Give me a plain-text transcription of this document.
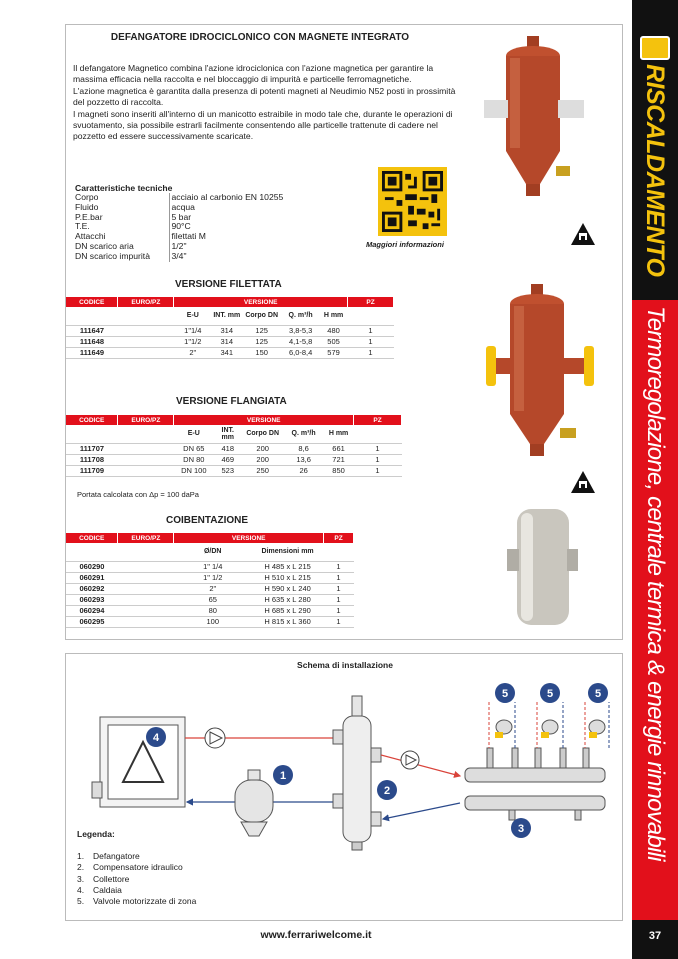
RISCALDAMENTO
Termoregolazione, centrale termica & energie rinnovabili
37
DEFANGATORE IDROCICLONICO CON MAGNETE INTEGRATO

Il defangatore Magnetico combina l'azione idrociclonica con l'azione magnetica per garantire la massima efficacia nella raccolta e nel bloccaggio di impurità e particelle ferromagnetiche.

L'azione magnetica è garantita dalla presenza di potenti magneti al Neudimio N52 posti in prossimità del pozzetto di raccolta.

I magneti sono inseriti all'interno di un manicotto estraibile in modo tale che, durante le operazioni di svuotamento, sia possibile estrarli facilmente consentendo alle particelle trattenute di cadere nel pozzetto ed essere successivamente scaricate.

Caratteristiche tecniche
Corpo	acciaio al carbonio EN 10255
Fluido	acqua
P.E.bar	5 bar
T.E.	90°C
Attacchi	filettati M
DN scarico aria	1/2"
DN scarico impurità	3/4"
Maggiori informazioni
VERSIONE FILETTATA
CODICE	EURO/PZ	VERSIONE					PZ
		E-U	INT. mm	Corpo DN	Q. m³/h	H mm	
111647		1"1/4	314	125	3,8-5,3	480	1
111648		1"1/2	314	125	4,1-5,8	505	1
111649		2"	341	150	6,0-8,4	579	1
VERSIONE FLANGIATA
CODICE	EURO/PZ	VERSIONE					PZ
		E-U	INT. mm	Corpo DN	Q. m³/h	H mm	
111707		DN 65	418	200	8,6	661	1
111708		DN 80	469	200	13,6	721	1
111709		DN 100	523	250	26	850	1
Portata calcolata con Δp = 100 daPa
COIBENTAZIONE
CODICE	EURO/PZ	VERSIONE		PZ
		Ø/DN	Dimensioni mm	
060290		1" 1/4	H 485 x L 215	1
060291		1" 1/2	H 510 x L 215	1
060292		2"	H 590 x L 240	1
060293		65	H 635 x L 280	1
060294		80	H 685 x L 290	1
060295		100	H 815 x L 360	1
Schema di installazione
1
2
3
4
5	5	5
Legenda:
1. Defangatore
2. Compensatore idraulico
3. Collettore
4. Caldaia
5. Valvole motorizzate di zona
www.ferrariwelcome.it
